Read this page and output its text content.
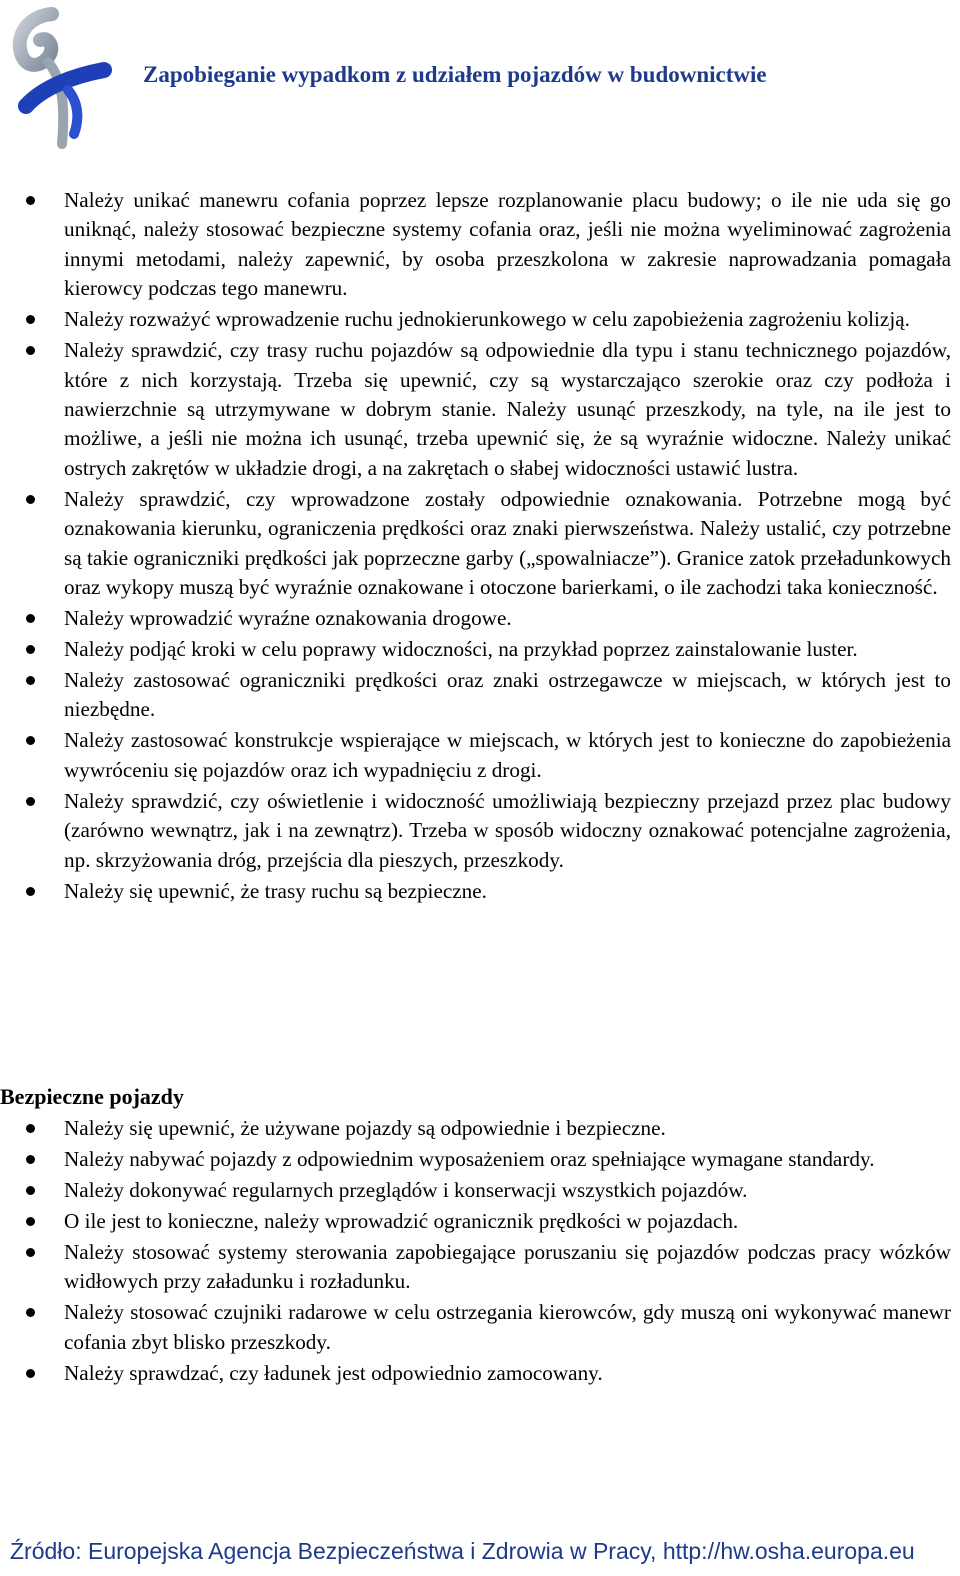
Zapobieganie wypadkom z udziałem pojazdów w budownictwie
Należy unikać manewru cofania poprzez lepsze rozplanowanie placu budowy; o ile nie uda się go uniknąć, należy stosować bezpieczne systemy cofania oraz, jeśli nie można wyeliminować zagrożenia innymi metodami, należy zapewnić, by osoba przeszkolona w zakresie naprowadzania pomagała kierowcy podczas tego manewru.
Należy rozważyć wprowadzenie ruchu jednokierunkowego w celu zapobieżenia zagrożeniu kolizją.
Należy sprawdzić, czy trasy ruchu pojazdów są odpowiednie dla typu i stanu technicznego pojazdów, które z nich korzystają. Trzeba się upewnić, czy są wystarczająco szerokie oraz czy podłoża i nawierzchnie są utrzymywane w dobrym stanie. Należy usunąć przeszkody, na tyle, na ile jest to możliwe, a jeśli nie można ich usunąć, trzeba upewnić się, że są wyraźnie widoczne. Należy unikać ostrych zakrętów w układzie drogi, a na zakrętach o słabej widoczności ustawić lustra.
Należy sprawdzić, czy wprowadzone zostały odpowiednie oznakowania. Potrzebne mogą być oznakowania kierunku, ograniczenia prędkości oraz znaki pierwszeństwa. Należy ustalić, czy potrzebne są takie ograniczniki prędkości jak poprzeczne garby („spowalniacze”). Granice zatok przeładunkowych oraz wykopy muszą być wyraźnie oznakowane i otoczone barierkami, o ile zachodzi taka konieczność.
Należy wprowadzić wyraźne oznakowania drogowe.
Należy podjąć kroki w celu poprawy widoczności, na przykład poprzez zainstalowanie luster.
Należy zastosować ograniczniki prędkości oraz znaki ostrzegawcze w miejscach, w których jest to niezbędne.
Należy zastosować konstrukcje wspierające w miejscach, w których jest to konieczne do zapobieżenia wywróceniu się pojazdów oraz ich wypadnięciu z drogi.
Należy sprawdzić, czy oświetlenie i widoczność umożliwiają bezpieczny przejazd przez plac budowy (zarówno wewnątrz, jak i na zewnątrz). Trzeba w sposób widoczny oznakować potencjalne zagrożenia, np. skrzyżowania dróg, przejścia dla pieszych, przeszkody.
Należy się upewnić, że trasy ruchu są bezpieczne.
Bezpieczne pojazdy
Należy się upewnić, że używane pojazdy są odpowiednie i bezpieczne.
Należy nabywać pojazdy z odpowiednim wyposażeniem oraz spełniające wymagane standardy.
Należy dokonywać regularnych przeglądów i konserwacji wszystkich pojazdów.
O ile jest to konieczne, należy wprowadzić ogranicznik prędkości w pojazdach.
Należy stosować systemy sterowania zapobiegające poruszaniu się pojazdów podczas pracy wózków widłowych przy załadunku i rozładunku.
Należy stosować czujniki radarowe w celu ostrzegania kierowców, gdy muszą oni wykonywać manewr cofania zbyt blisko przeszkody.
Należy sprawdzać, czy ładunek jest odpowiednio zamocowany.
Źródło: Europejska Agencja Bezpieczeństwa i Zdrowia w Pracy, http://hw.osha.europa.eu
